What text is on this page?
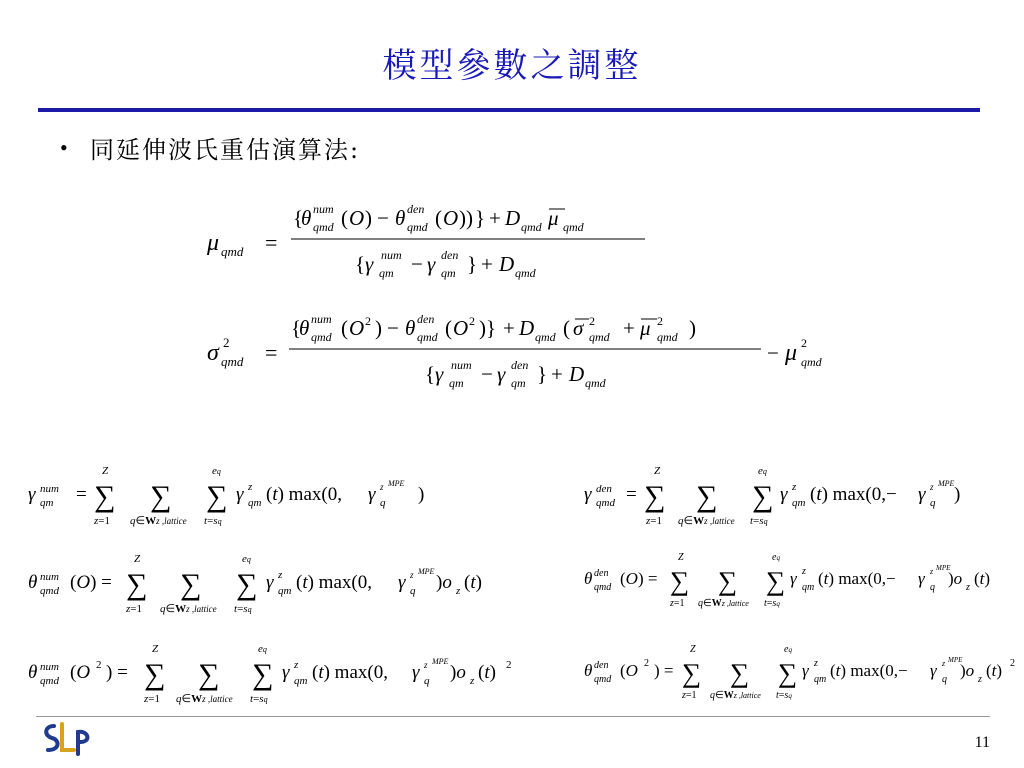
模型參數之調整
• 同延伸波氏重估演算法:
μ qmd =
{
θ num
qmd ( O ) − θ den
qmd ( O )) } + D qmd μ qmd
{ γ num
qm − γ den
qm } + D qmd
σ 2
qmd =
{
θ num
qmd ( O 2 ) − θ den
qmd ( O 2 )} + D qmd ( σ 2
qmd + μ 2
qmd )
{ γ num
qm − γ den
qm } + D qmd
− μ 2
qmd
γ num
qm =
Z
∑
z=1
∑
q∈Wz ,lattice
eq
∑
t=sq
γ z
qm (t) max(0, γ z MPE
q )	γ den
qmd =
Z
∑
z=1
∑
q∈Wz ,lattice
eq
∑
t=sq
γ z
qm (t) max(0,− γ z MPE
q )
θ num
qmd (O) =
Z
∑
z=1
∑
q∈Wz ,lattice
eq
∑
t=sq
γ z
qm (t) max(0, γ z MPE
q )o z (t)	θ den
qmd (O) =
Z
∑
z=1
∑
q∈Wz ,lattice
eq
∑
t=sq
γ z
qm (t) max(0,− γ z MPE
q )o z (t)
θ num
qmd (O 2 ) =
Z
∑
z=1
∑
q∈Wz ,lattice
eq
∑
t=sq
γ z
qm (t) max(0, γ z MPE
q )o z (t) 2	θ den
qmd (O 2 ) =
Z
∑
z=1
∑
q∈Wz ,lattice
eq
∑
t=sq
γ z
qm (t) max(0,− γ z MPE
q )o z (t) 2
11
